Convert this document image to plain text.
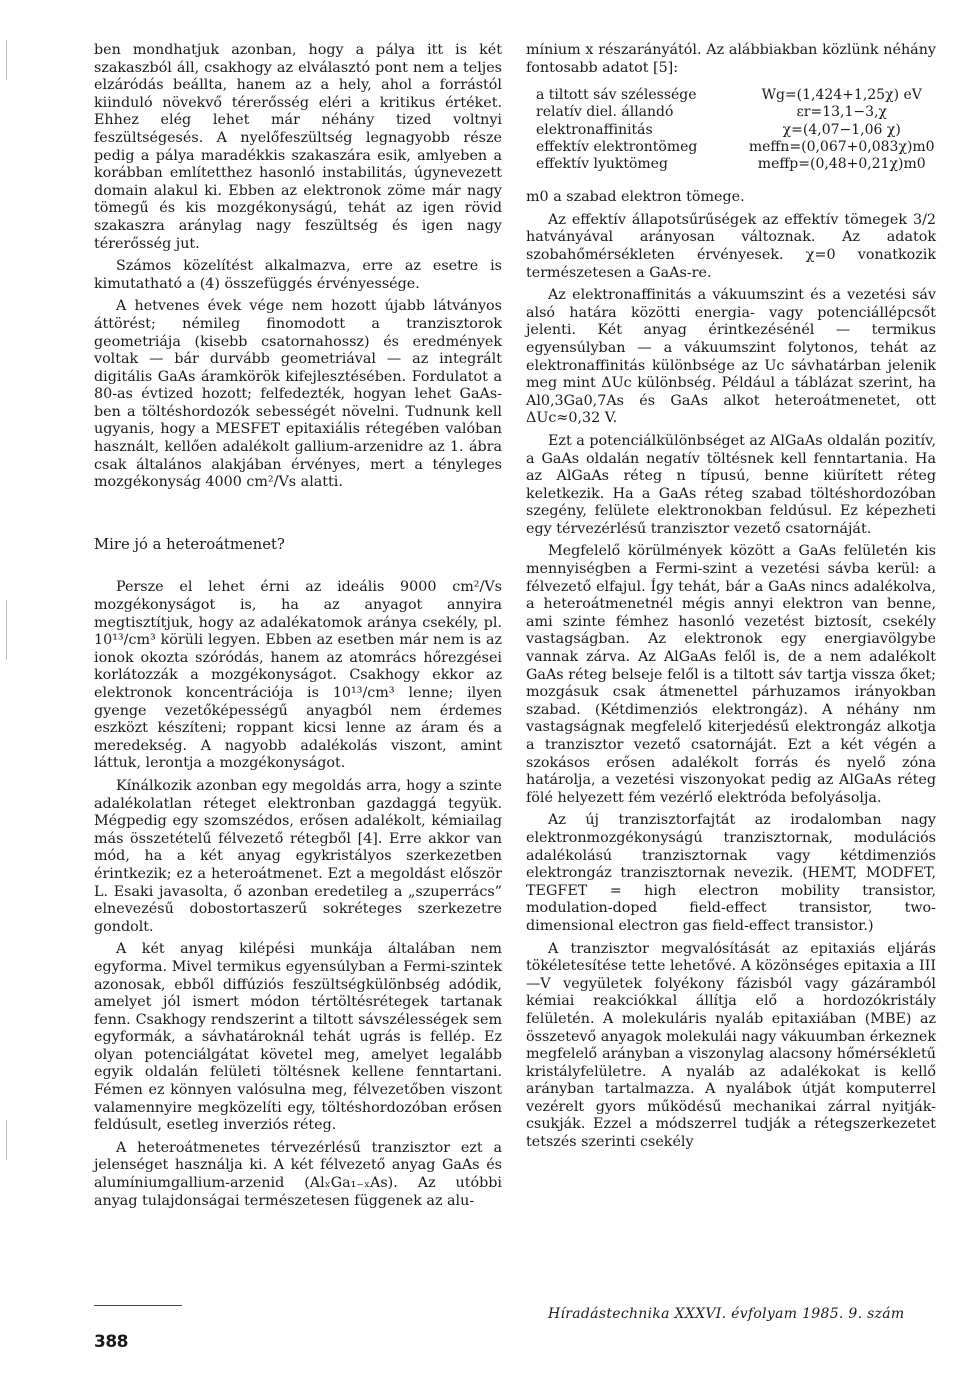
ben mondhatjuk azonban, hogy a pálya itt is két szakaszból áll, csakhogy az elválasztó pont nem a teljes elzáródás beállta, hanem az a hely, ahol a forrástól kiinduló növekvő térerősség eléri a kritikus értéket. Ehhez elég lehet már néhány tized voltnyi feszültségesés. A nyelőfeszültség legnagyobb része pedig a pálya maradékkis szakaszára esik, amlyeben a korábban említetthez hasonló instabilitás, úgynevezett domain alakul ki. Ebben az elektronok zöme már nagy tömegű és kis mozgékonyságú, tehát az igen rövid szakaszra aránylag nagy feszültség és igen nagy térerősség jut.

Számos közelítést alkalmazva, erre az esetre is kimutatható a (4) összefüggés érvényessége.

A hetvenes évek vége nem hozott újabb látványos áttörést; némileg finomodott a tranzisztorok geometriája (kisebb csatornahossz) és eredmények voltak — bár durvább geometriával — az integrált digitális GaAs áramkörök kifejlesztésében. Fordulatot a 80-as évtized hozott; felfedezték, hogyan lehet GaAs-ben a töltéshordozók sebességét növelni. Tudnunk kell ugyanis, hogy a MESFET epitaxiális rétegében valóban használt, kellően adalékolt gallium-arzenidre az 1. ábra csak általános alakjában érvényes, mert a tényleges mozgékonyság 4000 cm²/Vs alatti.

Mire jó a heteroátmenet?

Persze el lehet érni az ideális 9000 cm²/Vs mozgékonyságot is, ha az anyagot annyira megtisztítjuk, hogy az adalékatomok aránya csekély, pl. 10¹³/cm³ körüli legyen. Ebben az esetben már nem is az ionok okozta szóródás, hanem az atomrács hőrezgései korlátozzák a mozgékonyságot. Csakhogy ekkor az elektronok koncentrációja is 10¹³/cm³ lenne; ilyen gyenge vezetőképességű anyagból nem érdemes eszközt készíteni; roppant kicsi lenne az áram és a meredekség. A nagyobb adalékolás viszont, amint láttuk, lerontja a mozgékonyságot.

Kínálkozik azonban egy megoldás arra, hogy a szinte adalékolatlan réteget elektronban gazdaggá tegyük. Mégpedig egy szomszédos, erősen adalékolt, kémiailag más összetételű félvezető rétegből [4]. Erre akkor van mód, ha a két anyag egykristályos szerkezetben érintkezik; ez a heteroátmenet. Ezt a megoldást először L. Esaki javasolta, ő azonban eredetileg a „szuperrács” elnevezésű dobostortaszerű sokréteges szerkezetre gondolt.

A két anyag kilépési munkája általában nem egyforma. Mivel termikus egyensúlyban a Fermi-szintek azonosak, ebből diffúziós feszültségkülönbség adódik, amelyet jól ismert módon tértöltésrétegek tartanak fenn. Csakhogy rendszerint a tiltott sávszélességek sem egyformák, a sávhatároknál tehát ugrás is fellép. Ez olyan potenciálgátat követel meg, amelyet legalább egyik oldalán felületi töltésnek kellene fenntartani. Fémen ez könnyen valósulna meg, félvezetőben viszont valamennyire megközelíti egy, töltéshordozóban erősen feldúsult, esetleg inverziós réteg.

A heteroátmenetes térvezérlésű tranzisztor ezt a jelenséget használja ki. A két félvezető anyag GaAs és alumíniumgallium-arzenid (AlₓGa₁₋ₓAs). Az utóbbi anyag tulajdonságai természetesen függenek az alu-

mínium x részarányától. Az alábbiakban közlünk néhány fontosabb adatot [5]:

a tiltott sáv szélessége	Wg=(1,424+1,25χ) eV
relatív diel. állandó	εr=13,1−3,χ
elektronaffinitás	χ=(4,07−1,06 χ)
effektív elektrontömeg	meffn=(0,067+0,083χ)m0
effektív lyuktömeg	meffp=(0,48+0,21χ)m0

m0 a szabad elektron tömege.

Az effektív állapotsűrűségek az effektív tömegek 3/2 hatványával arányosan változnak. Az adatok szobahőmérsékleten érvényesek. χ=0 vonatkozik természetesen a GaAs-re.

Az elektronaffinitás a vákuumszint és a vezetési sáv alsó határa közötti energia- vagy potenciállépcsőt jelenti. Két anyag érintkezésénél — termikus egyensúlyban — a vákuumszint folytonos, tehát az elektronaffinitás különbsége az Uc sávhatárban jelenik meg mint ΔUc különbség. Például a táblázat szerint, ha Al0,3Ga0,7As és GaAs alkot heteroátmenetet, ott ΔUc≈0,32 V.

Ezt a potenciálkülönbséget az AlGaAs oldalán pozitív, a GaAs oldalán negatív töltésnek kell fenntartania. Ha az AlGaAs réteg n típusú, benne kiürített réteg keletkezik. Ha a GaAs réteg szabad töltéshordozóban szegény, felülete elektronokban feldúsul. Ez képezheti egy térvezérlésű tranzisztor vezető csatornáját.

Megfelelő körülmények között a GaAs felületén kis mennyiségben a Fermi-szint a vezetési sávba kerül: a félvezető elfajul. Így tehát, bár a GaAs nincs adalékolva, a heteroátmenetnél mégis annyi elektron van benne, ami szinte fémhez hasonló vezetést biztosít, csekély vastagságban. Az elektronok egy energiavölgybe vannak zárva. Az AlGaAs felől is, de a nem adalékolt GaAs réteg belseje felől is a tiltott sáv tartja vissza őket; mozgásuk csak átmenettel párhuzamos irányokban szabad. (Kétdimenziós elektrongáz). A néhány nm vastagságnak megfelelő kiterjedésű elektrongáz alkotja a tranzisztor vezető csatornáját. Ezt a két végén a szokásos erősen adalékolt forrás és nyelő zóna határolja, a vezetési viszonyokat pedig az AlGaAs réteg fölé helyezett fém vezérlő elektróda befolyásolja.

Az új tranzisztorfajtát az irodalomban nagy elektronmozgékonyságú tranzisztornak, modulációs adalékolású tranzisztornak vagy kétdimenziós elektrongáz tranzisztornak nevezik. (HEMT, MODFET, TEGFET = high electron mobility transistor, modulation-doped field-effect transistor, two-dimensional electron gas field-effect transistor.)

A tranzisztor megvalósítását az epitaxiás eljárás tökéletesítése tette lehetővé. A közönséges epitaxia a III—V vegyületek folyékony fázisból vagy gázáramból kémiai reakciókkal állítja elő a hordozókristály felületén. A molekuláris nyaláb epitaxiában (MBE) az összetevő anyagok molekulái nagy vákuumban érkeznek megfelelő arányban a viszonylag alacsony hőmérsékletű kristályfelületre. A nyaláb az adalékokat is kellő arányban tartalmazza. A nyalábok útját komputerrel vezérelt gyors működésű mechanikai zárral nyitják-csukják. Ezzel a módszerrel tudják a rétegszerkezetet tetszés szerinti csekély

388
Híradástechnika XXXVI. évfolyam 1985. 9. szám
